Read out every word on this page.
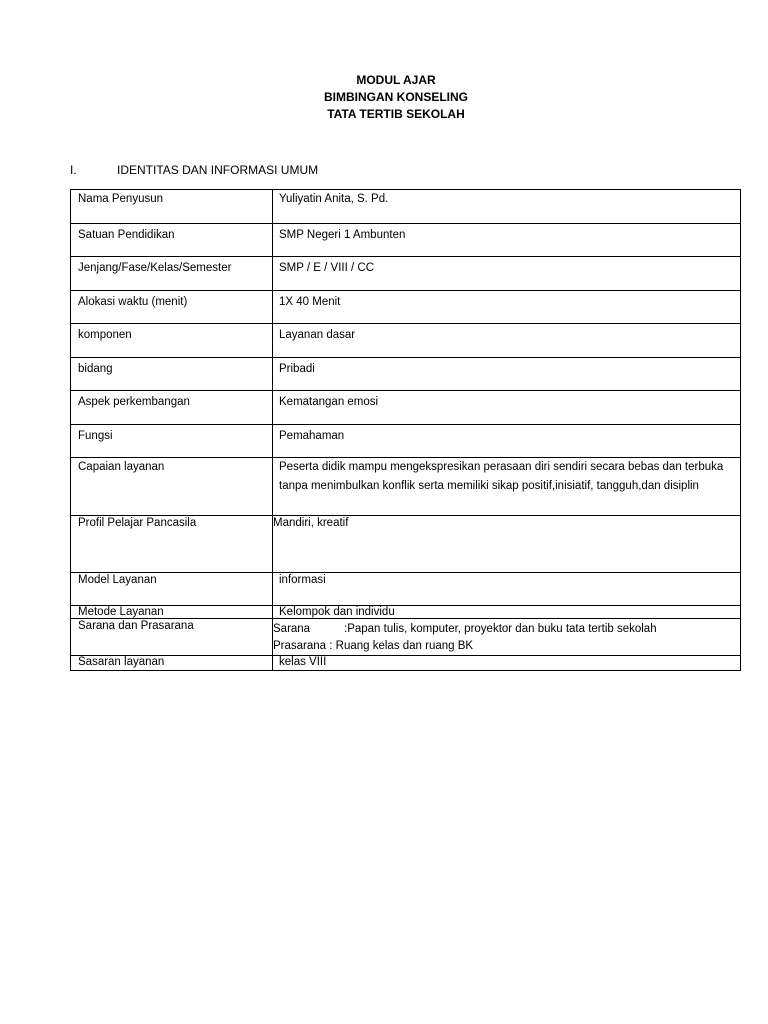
MODUL AJAR
BIMBINGAN KONSELING
TATA TERTIB SEKOLAH
I.	IDENTITAS DAN INFORMASI UMUM
Nama Penyusun	Yuliyatin Anita, S. Pd.
Satuan Pendidikan	SMP Negeri 1 Ambunten
Jenjang/Fase/Kelas/Semester	SMP / E / VIII / CC
Alokasi waktu (menit)	1X 40 Menit
komponen	Layanan dasar
bidang	Pribadi
Aspek perkembangan	Kematangan emosi
Fungsi	Pemahaman
Capaian layanan	Peserta didik mampu mengekspresikan perasaan diri sendiri secara bebas dan terbuka tanpa menimbulkan konflik serta memiliki sikap positif,inisiatif, tangguh,dan disiplin
Profil Pelajar Pancasila	Mandiri, kreatif
Model Layanan	informasi
Metode Layanan	Kelompok dan individu
Sarana dan Prasarana	Sarana :Papan tulis, komputer, proyektor dan buku tata tertib sekolah
Prasarana : Ruang kelas dan ruang BK

Sasaran layanan	kelas VIII
